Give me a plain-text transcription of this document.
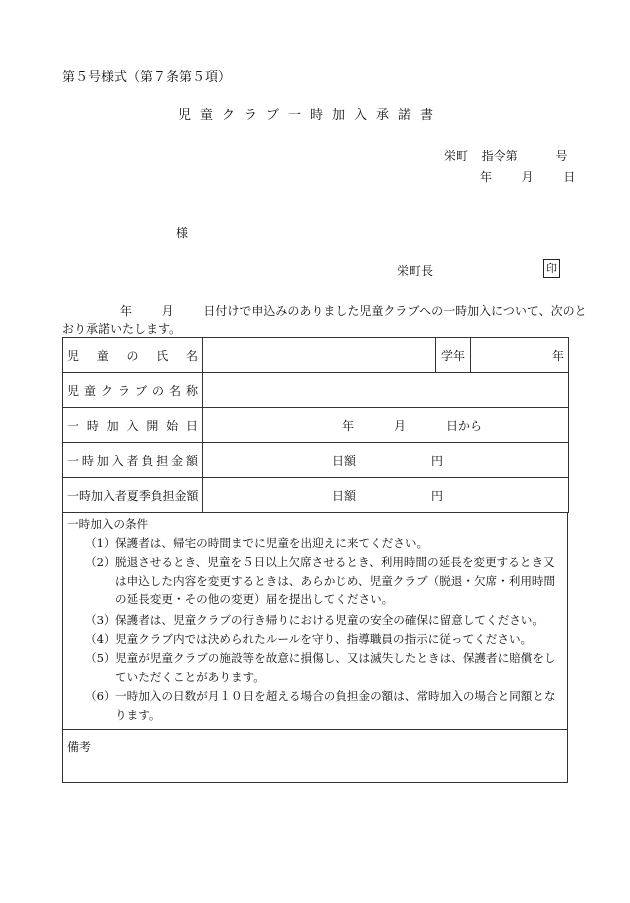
第５号様式（第７条第５項）
児童クラブ一時加入承諾書
栄町 指令第	号
年 月 日
様
栄町長	印
年 月 日付けで申込みのありました児童クラブへの一時加入について、次のと
おり承諾いたします。
児童の氏名		学年	年
児童クラブの名称			
一時加入開始日	年 月 日から		
一時加入者負担金額	日額 円		
一時加入者夏季負担金額	日額 円		
一時加入の条件
（1） 保護者は、帰宅の時間までに児童を出迎えに来てください。
（2） 脱退させるとき、児童を５日以上欠席させるとき、利用時間の延長を変更するとき又は申込した内容を変更するときは、あらかじめ、児童クラブ（脱退・欠席・利用時間の延長変更・その他の変更）届を提出してください。
（3） 保護者は、児童クラブの行き帰りにおける児童の安全の確保に留意してください。
（4） 児童クラブ内では決められたルールを守り、指導職員の指示に従ってください。
（5） 児童が児童クラブの施設等を故意に損傷し、又は滅失したときは、保護者に賠償をしていただくことがあります。
（6） 一時加入の日数が月１０日を超える場合の負担金の額は、常時加入の場合と同額となります。
備考
